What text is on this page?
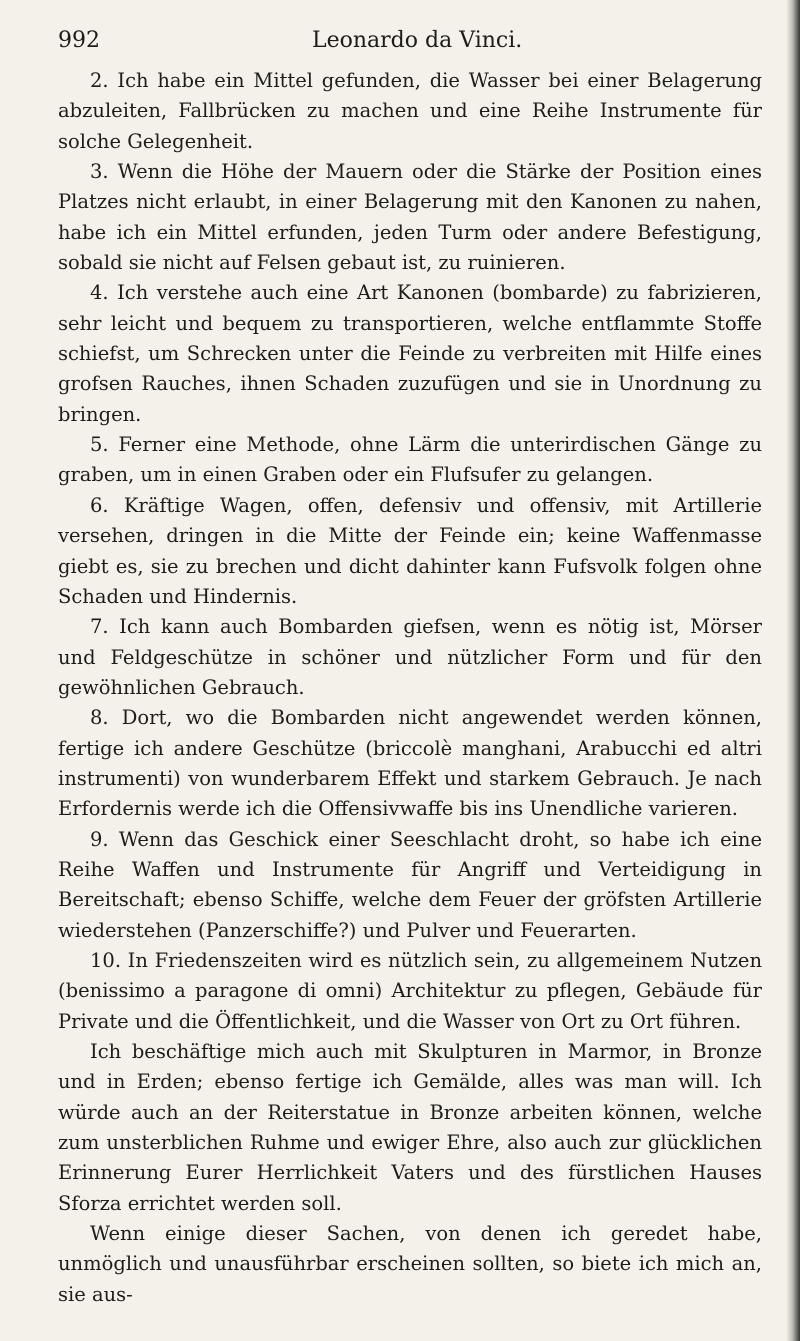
992	Leonardo da Vinci.

2. Ich habe ein Mittel gefunden, die Wasser bei einer Belagerung abzuleiten, Fallbrücken zu machen und eine Reihe Instrumente für solche Gelegenheit.

3. Wenn die Höhe der Mauern oder die Stärke der Position eines Platzes nicht erlaubt, in einer Belagerung mit den Kanonen zu nahen, habe ich ein Mittel erfunden, jeden Turm oder andere Befestigung, sobald sie nicht auf Felsen gebaut ist, zu ruinieren.

4. Ich verstehe auch eine Art Kanonen (bombarde) zu fabrizieren, sehr leicht und bequem zu transportieren, welche entflammte Stoffe schiefst, um Schrecken unter die Feinde zu verbreiten mit Hilfe eines grofsen Rauches, ihnen Schaden zuzufügen und sie in Unordnung zu bringen.

5. Ferner eine Methode, ohne Lärm die unterirdischen Gänge zu graben, um in einen Graben oder ein Flufsufer zu gelangen.

6. Kräftige Wagen, offen, defensiv und offensiv, mit Artillerie versehen, dringen in die Mitte der Feinde ein; keine Waffenmasse giebt es, sie zu brechen und dicht dahinter kann Fufsvolk folgen ohne Schaden und Hindernis.

7. Ich kann auch Bombarden giefsen, wenn es nötig ist, Mörser und Feldgeschütze in schöner und nützlicher Form und für den gewöhnlichen Gebrauch.

8. Dort, wo die Bombarden nicht angewendet werden können, fertige ich andere Geschütze (briccolè manghani, Arabucchi ed altri instrumenti) von wunderbarem Effekt und starkem Gebrauch. Je nach Erfordernis werde ich die Offensivwaffe bis ins Unendliche varieren.

9. Wenn das Geschick einer Seeschlacht droht, so habe ich eine Reihe Waffen und Instrumente für Angriff und Verteidigung in Bereitschaft; ebenso Schiffe, welche dem Feuer der gröfsten Artillerie wiederstehen (Panzerschiffe?) und Pulver und Feuerarten.

10. In Friedenszeiten wird es nützlich sein, zu allgemeinem Nutzen (benissimo a paragone di omni) Architektur zu pflegen, Gebäude für Private und die Öffentlichkeit, und die Wasser von Ort zu Ort führen.

Ich beschäftige mich auch mit Skulpturen in Marmor, in Bronze und in Erden; ebenso fertige ich Gemälde, alles was man will. Ich würde auch an der Reiterstatue in Bronze arbeiten können, welche zum unsterblichen Ruhme und ewiger Ehre, also auch zur glücklichen Erinnerung Eurer Herrlichkeit Vaters und des fürstlichen Hauses Sforza errichtet werden soll.

Wenn einige dieser Sachen, von denen ich geredet habe, unmöglich und unausführbar erscheinen sollten, so biete ich mich an, sie aus-
